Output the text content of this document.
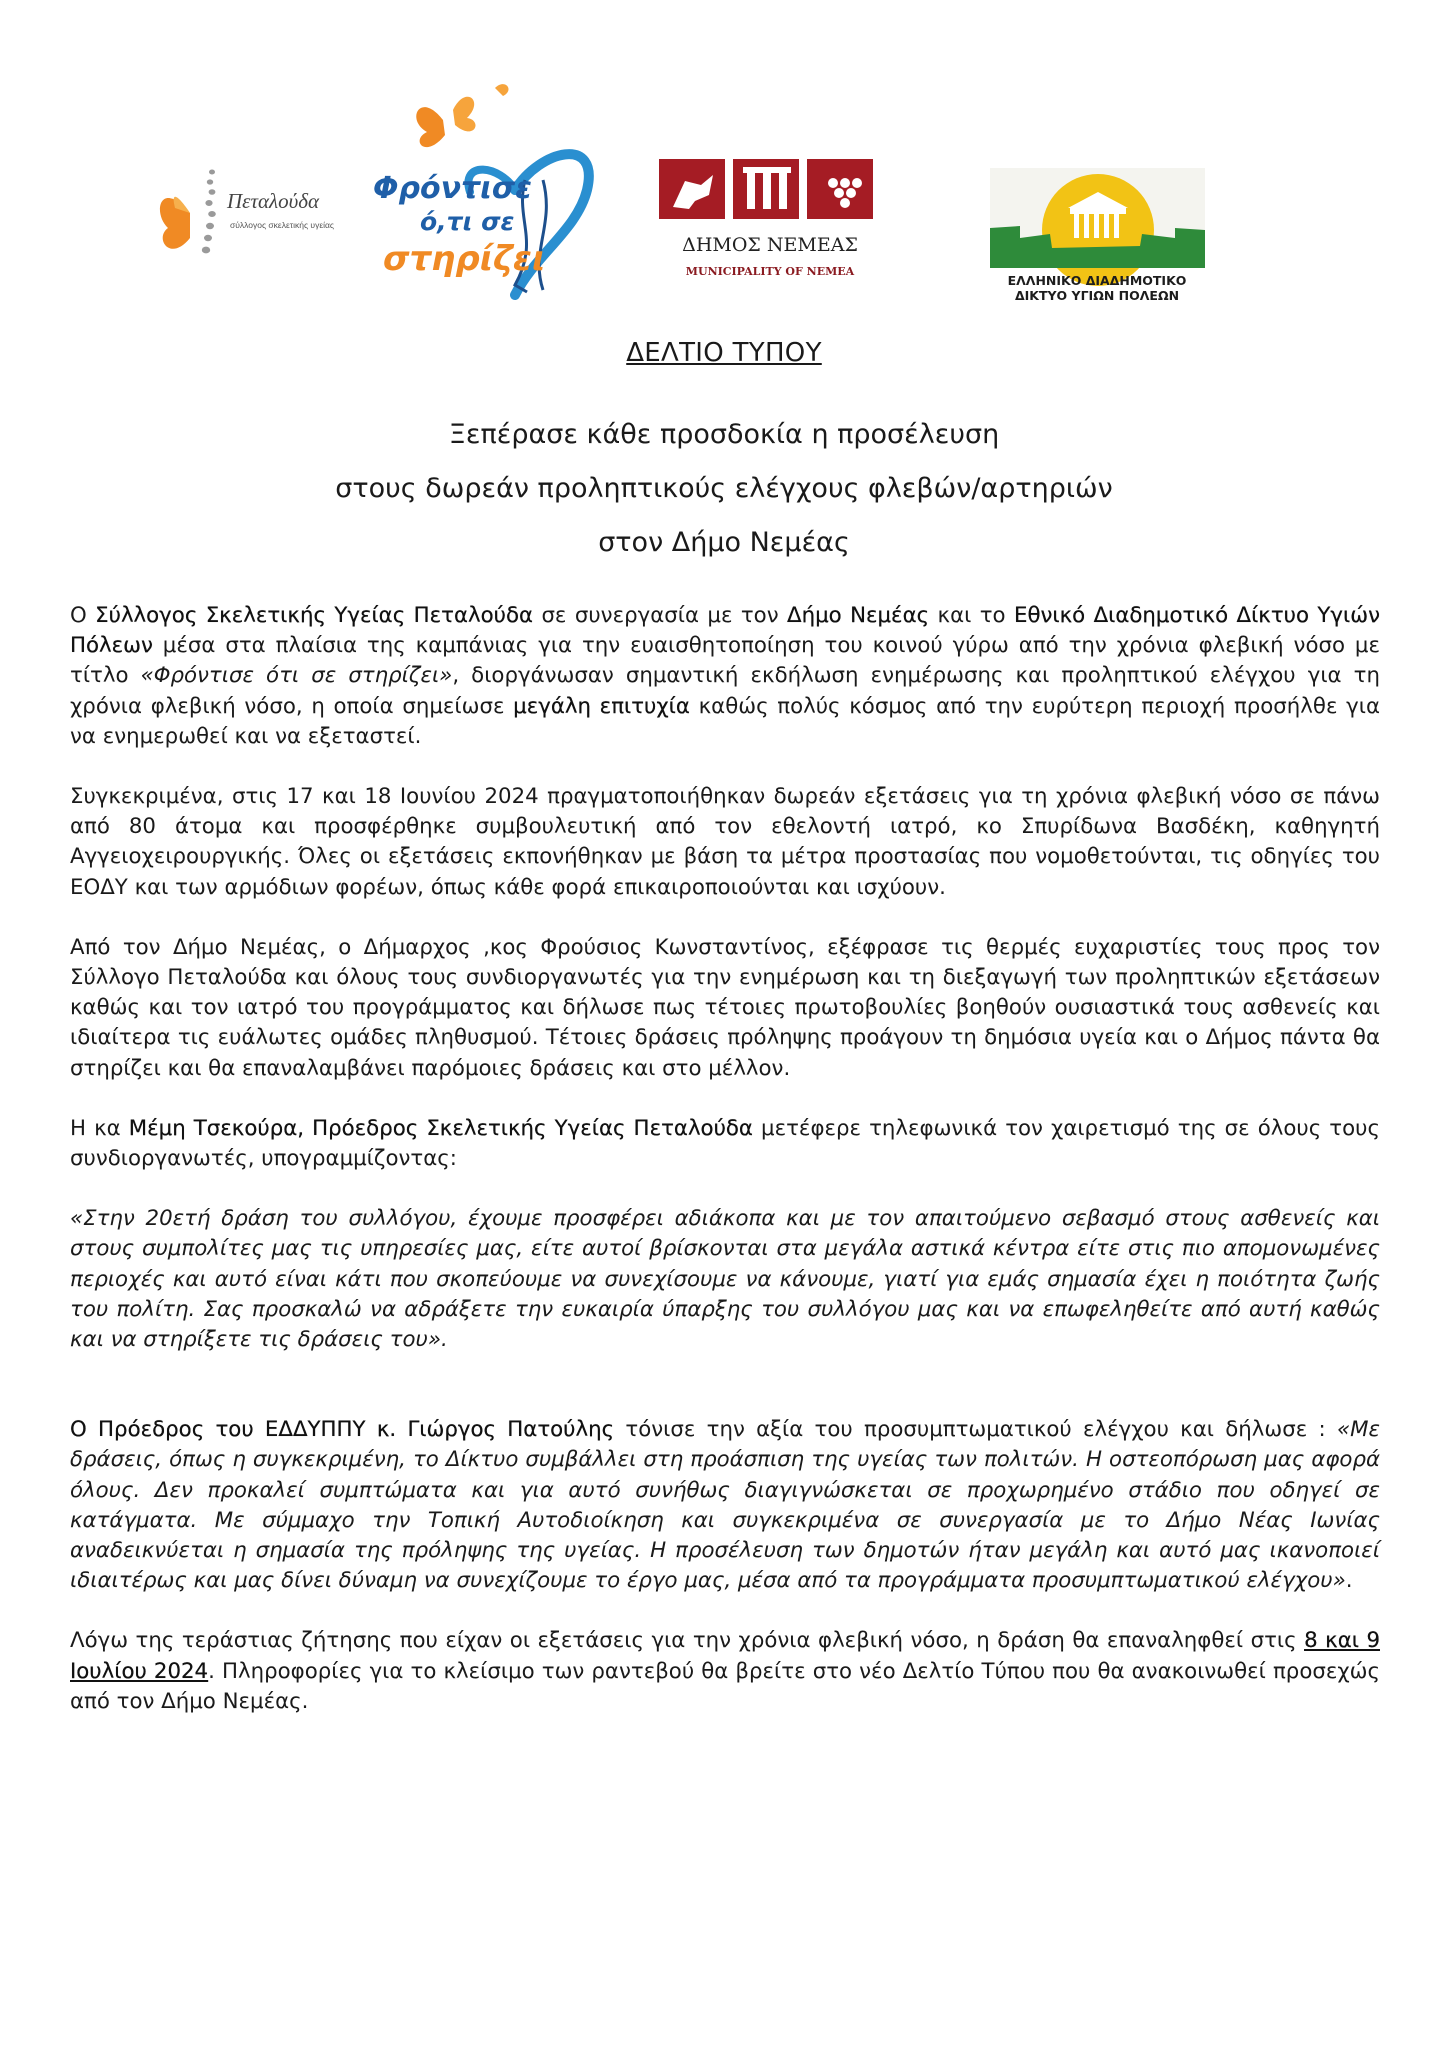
Πεταλούδα
σύλλογος σκελετικής υγείας
Φρόντισε
ό,τι σε
στηρίζει	ΔΗΜΟΣ ΝΕΜΕΑΣ
MUNICIPALITY OF NEMEA
ΕΛΛΗΝΙΚΟ ΔΙΑΔΗΜΟΤΙΚΟ
ΔΙΚΤΥΟ ΥΓΙΩΝ ΠΟΛΕΩΝ
ΔΕΛΤΙΟ ΤΥΠΟΥ
Ξεπέρασε κάθε προσδοκία η προσέλευση
στους δωρεάν προληπτικούς ελέγχους φλεβών/αρτηριών
στον Δήμο Νεμέας

Ο Σύλλογος Σκελετικής Υγείας Πεταλούδα σε συνεργασία με τον Δήμο Νεμέας και το Εθνικό Διαδημοτικό Δίκτυο Υγιών Πόλεων μέσα στα πλαίσια της καμπάνιας για την ευαισθητοποίηση του κοινού γύρω από την χρόνια φλεβική νόσο με τίτλο «Φρόντισε ότι σε στηρίζει», διοργάνωσαν σημαντική εκδήλωση ενημέρωσης και προληπτικού ελέγχου για τη χρόνια φλεβική νόσο, η οποία σημείωσε μεγάλη επιτυχία καθώς πολύς κόσμος από την ευρύτερη περιοχή προσήλθε για να ενημερωθεί και να εξεταστεί.

Συγκεκριμένα, στις 17 και 18 Ιουνίου 2024 πραγματοποιήθηκαν δωρεάν εξετάσεις για τη χρόνια φλεβική νόσο σε πάνω από 80 άτομα και προσφέρθηκε συμβουλευτική από τον εθελοντή ιατρό, κο Σπυρίδωνα Βασδέκη, καθηγητή Αγγειοχειρουργικής. Όλες οι εξετάσεις εκπονήθηκαν με βάση τα μέτρα προστασίας που νομοθετούνται, τις οδηγίες του ΕΟΔΥ και των αρμόδιων φορέων, όπως κάθε φορά επικαιροποιούνται και ισχύουν.

Από τον Δήμο Νεμέας, ο Δήμαρχος ,κος Φρούσιος Κωνσταντίνος, εξέφρασε τις θερμές ευχαριστίες τους προς τον Σύλλογο Πεταλούδα και όλους τους συνδιοργανωτές για την ενημέρωση και τη διεξαγωγή των προληπτικών εξετάσεων καθώς και τον ιατρό του προγράμματος και δήλωσε πως τέτοιες πρωτοβουλίες βοηθούν ουσιαστικά τους ασθενείς και ιδιαίτερα τις ευάλωτες ομάδες πληθυσμού. Τέτοιες δράσεις πρόληψης προάγουν τη δημόσια υγεία και ο Δήμος πάντα θα στηρίζει και θα επαναλαμβάνει παρόμοιες δράσεις και στο μέλλον.

Η κα Μέμη Τσεκούρα, Πρόεδρος Σκελετικής Υγείας Πεταλούδα μετέφερε τηλεφωνικά τον χαιρετισμό της σε όλους τους συνδιοργανωτές, υπογραμμίζοντας:

«Στην 20ετή δράση του συλλόγου, έχουμε προσφέρει αδιάκοπα και με τον απαιτούμενο σεβασμό στους ασθενείς και στους συμπολίτες μας τις υπηρεσίες μας, είτε αυτοί βρίσκονται στα μεγάλα αστικά κέντρα είτε στις πιο απομονωμένες περιοχές και αυτό είναι κάτι που σκοπεύουμε να συνεχίσουμε να κάνουμε, γιατί για εμάς σημασία έχει η ποιότητα ζωής του πολίτη. Σας προσκαλώ να αδράξετε την ευκαιρία ύπαρξης του συλλόγου μας και να επωφεληθείτε από αυτή καθώς και να στηρίξετε τις δράσεις του».

Ο Πρόεδρος του ΕΔΔΥΠΠΥ κ. Γιώργος Πατούλης τόνισε την αξία του προσυμπτωματικού ελέγχου και δήλωσε : «Με δράσεις, όπως η συγκεκριμένη, το Δίκτυο συμβάλλει στη προάσπιση της υγείας των πολιτών. Η οστεοπόρωση μας αφορά όλους. Δεν προκαλεί συμπτώματα και για αυτό συνήθως διαγιγνώσκεται σε προχωρημένο στάδιο που οδηγεί σε κατάγματα. Με σύμμαχο την Τοπική Αυτοδιοίκηση και συγκεκριμένα σε συνεργασία με το Δήμο Νέας Ιωνίας αναδεικνύεται η σημασία της πρόληψης της υγείας. Η προσέλευση των δημοτών ήταν μεγάλη και αυτό μας ικανοποιεί ιδιαιτέρως και μας δίνει δύναμη να συνεχίζουμε το έργο μας, μέσα από τα προγράμματα προσυμπτωματικού ελέγχου».

Λόγω της τεράστιας ζήτησης που είχαν οι εξετάσεις για την χρόνια φλεβική νόσο, η δράση θα επαναληφθεί στις 8 και 9 Ιουλίου 2024. Πληροφορίες για το κλείσιμο των ραντεβού θα βρείτε στο νέο Δελτίο Τύπου που θα ανακοινωθεί προσεχώς από τον Δήμο Νεμέας.
